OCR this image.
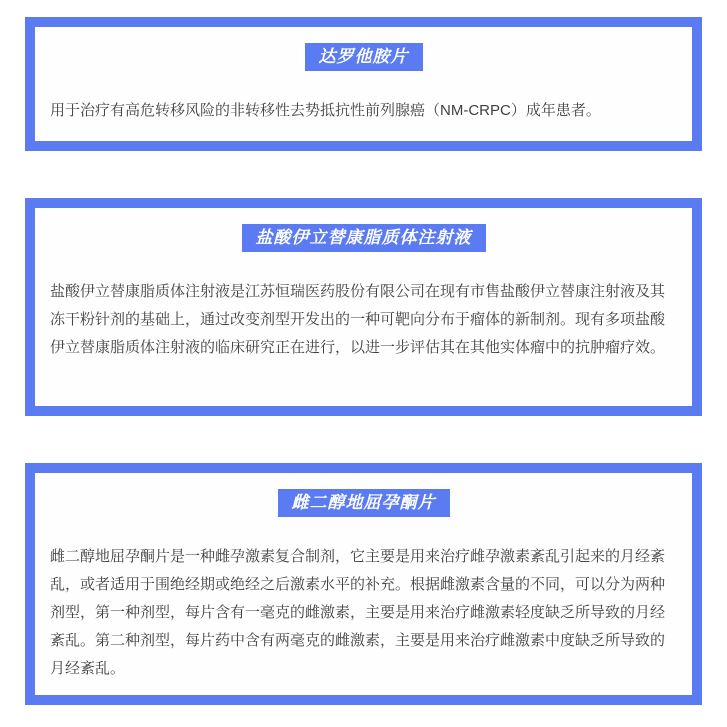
达罗他胺片

用于治疗有高危转移风险的非转移性去势抵抗性前列腺癌（NM-CRPC）成年患者。

盐酸伊立替康脂质体注射液

盐酸伊立替康脂质体注射液是江苏恒瑞医药股份有限公司在现有市售盐酸伊立替康注射液及其冻干粉针剂的基础上，通过改变剂型开发出的一种可靶向分布于瘤体的新制剂。现有多项盐酸伊立替康脂质体注射液的临床研究正在进行，以进一步评估其在其他实体瘤中的抗肿瘤疗效。

雌二醇地屈孕酮片

雌二醇地屈孕酮片是一种雌孕激素复合制剂，它主要是用来治疗雌孕激素紊乱引起来的月经紊乱，或者适用于围绝经期或绝经之后激素水平的补充。根据雌激素含量的不同，可以分为两种剂型，第一种剂型，每片含有一毫克的雌激素，主要是用来治疗雌激素轻度缺乏所导致的月经紊乱。第二种剂型，每片药中含有两毫克的雌激素，主要是用来治疗雌激素中度缺乏所导致的月经紊乱。
